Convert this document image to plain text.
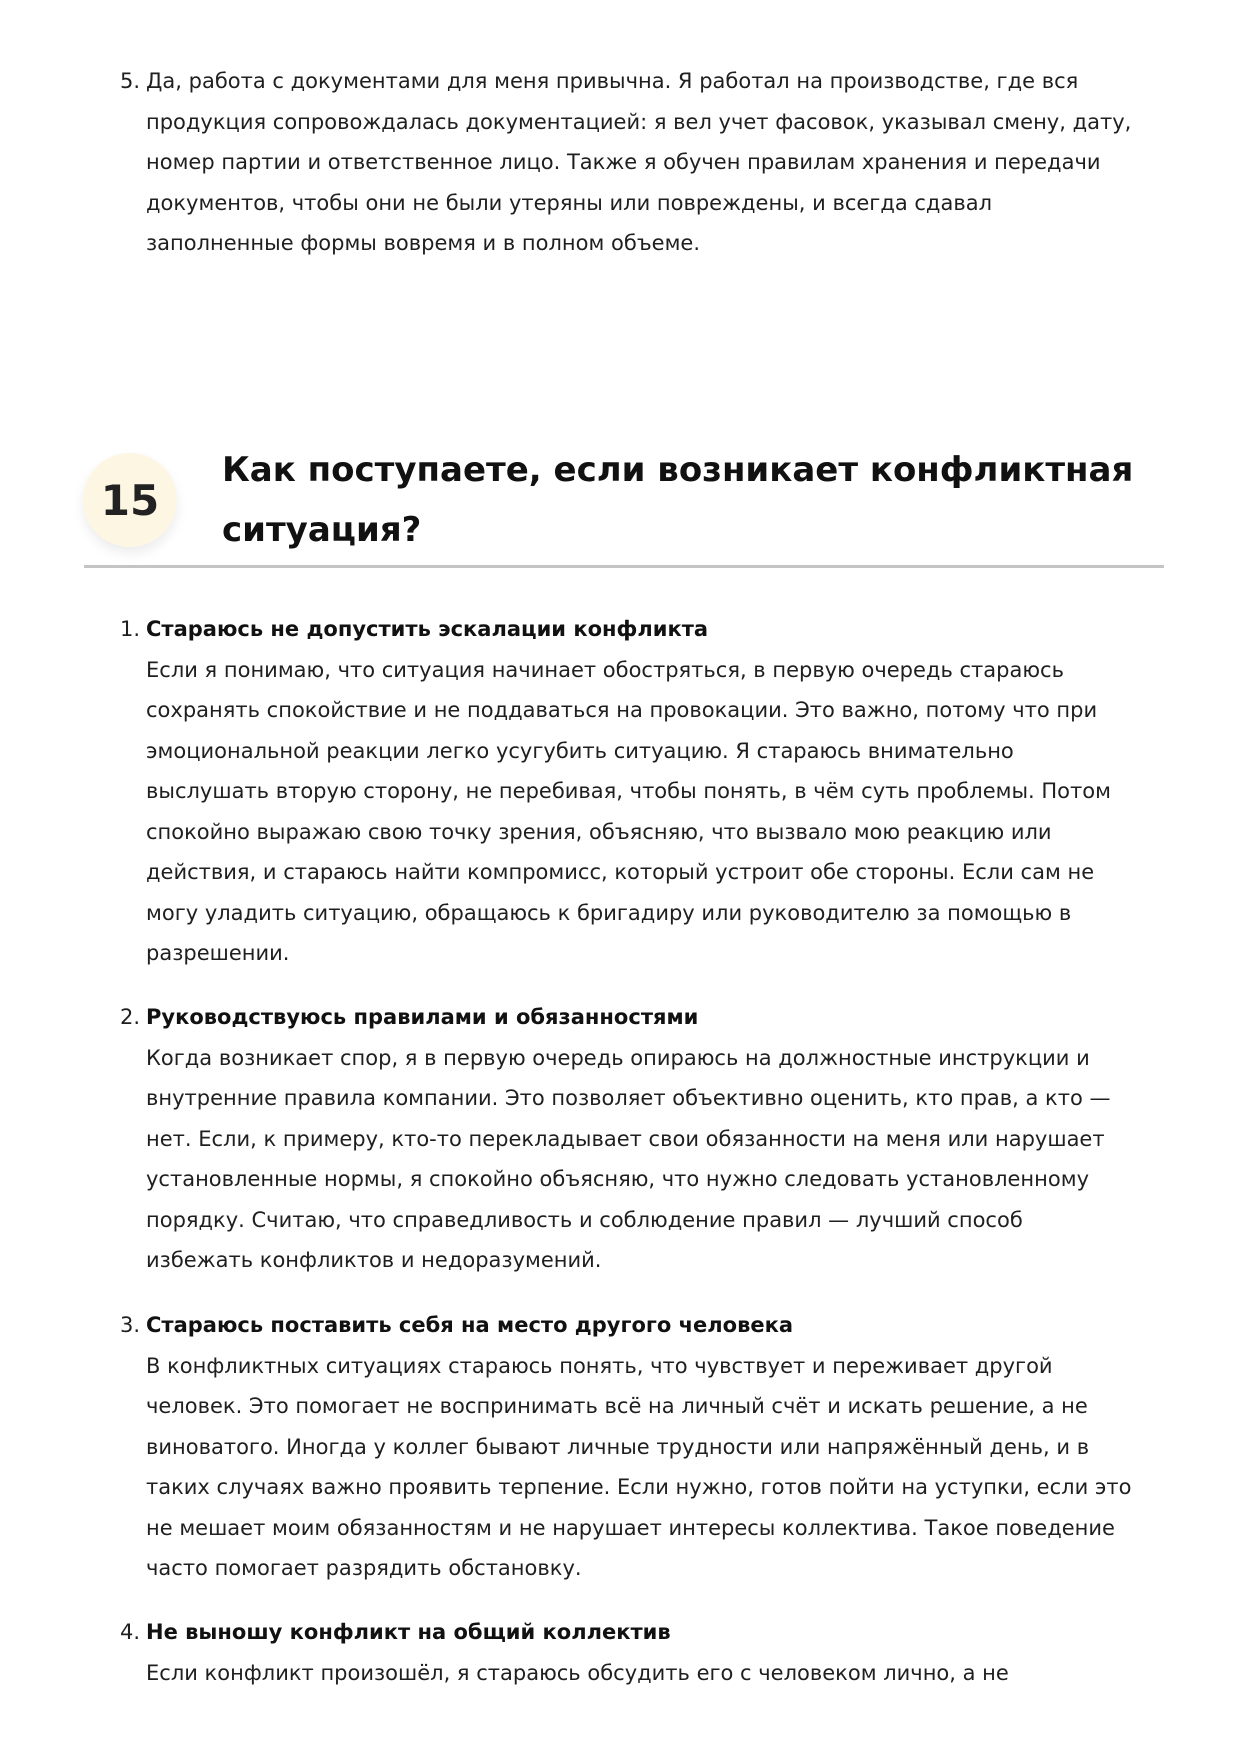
5. Да, работа с документами для меня привычна. Я работал на производстве, где вся
продукция сопровождалась документацией: я вел учет фасовок, указывал смену, дату,
номер партии и ответственное лицо. Также я обучен правилам хранения и передачи
документов, чтобы они не были утеряны или повреждены, и всегда сдавал
заполненные формы вовремя и в полном объеме.
15
Как поступаете, если возникает конфликтная
ситуация?
1. Стараюсь не допустить эскалации конфликта
Если я понимаю, что ситуация начинает обостряться, в первую очередь стараюсь
сохранять спокойствие и не поддаваться на провокации. Это важно, потому что при
эмоциональной реакции легко усугубить ситуацию. Я стараюсь внимательно
выслушать вторую сторону, не перебивая, чтобы понять, в чём суть проблемы. Потом
спокойно выражаю свою точку зрения, объясняю, что вызвало мою реакцию или
действия, и стараюсь найти компромисс, который устроит обе стороны. Если сам не
могу уладить ситуацию, обращаюсь к бригадиру или руководителю за помощью в
разрешении.
2. Руководствуюсь правилами и обязанностями
Когда возникает спор, я в первую очередь опираюсь на должностные инструкции и
внутренние правила компании. Это позволяет объективно оценить, кто прав, а кто —
нет. Если, к примеру, кто-то перекладывает свои обязанности на меня или нарушает
установленные нормы, я спокойно объясняю, что нужно следовать установленному
порядку. Считаю, что справедливость и соблюдение правил — лучший способ
избежать конфликтов и недоразумений.
3. Стараюсь поставить себя на место другого человека
В конфликтных ситуациях стараюсь понять, что чувствует и переживает другой
человек. Это помогает не воспринимать всё на личный счёт и искать решение, а не
виноватого. Иногда у коллег бывают личные трудности или напряжённый день, и в
таких случаях важно проявить терпение. Если нужно, готов пойти на уступки, если это
не мешает моим обязанностям и не нарушает интересы коллектива. Такое поведение
часто помогает разрядить обстановку.
4. Не выношу конфликт на общий коллектив
Если конфликт произошёл, я стараюсь обсудить его с человеком лично, а не
